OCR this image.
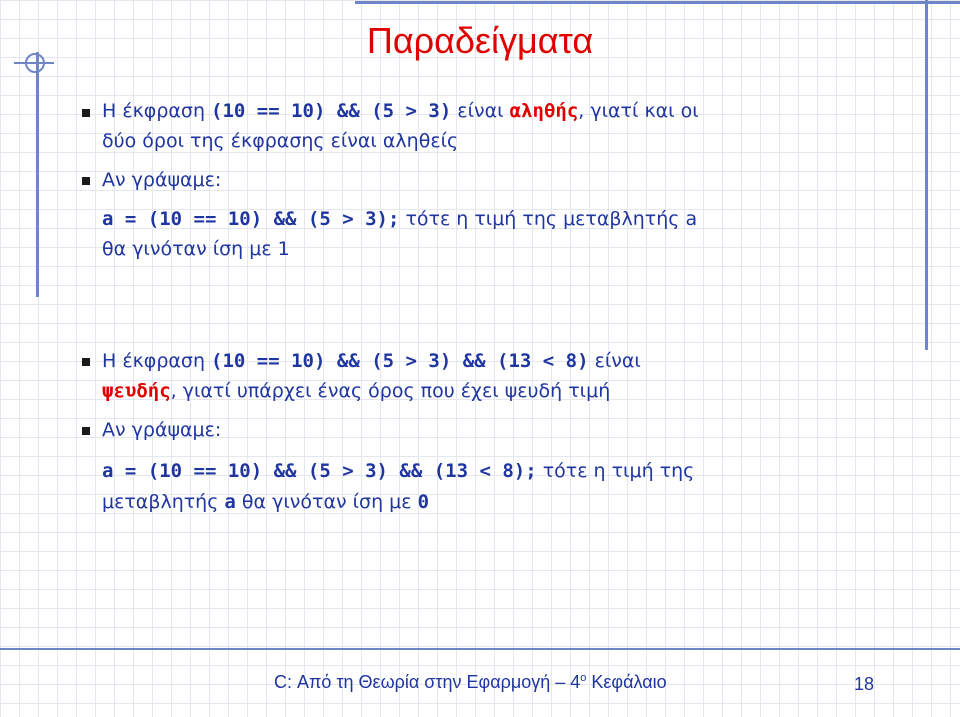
Παραδείγματα
Η έκφραση (10 == 10) && (5 > 3) είναι αληθής, γιατί και οι
δύο όροι της έκφρασης είναι αληθείς
Αν γράψαμε:
a = (10 == 10) && (5 > 3); τότε η τιμή της μεταβλητής a
θα γινόταν ίση με 1
Η έκφραση (10 == 10) && (5 > 3) && (13 < 8) είναι
ψευδής, γιατί υπάρχει ένας όρος που έχει ψευδή τιμή
Αν γράψαμε:
a = (10 == 10) && (5 > 3) && (13 < 8); τότε η τιμή της
μεταβλητής a θα γινόταν ίση με 0
C: Από τη Θεωρία στην Εφαρμογή – $4^o$ Κεφάλαιο	18
